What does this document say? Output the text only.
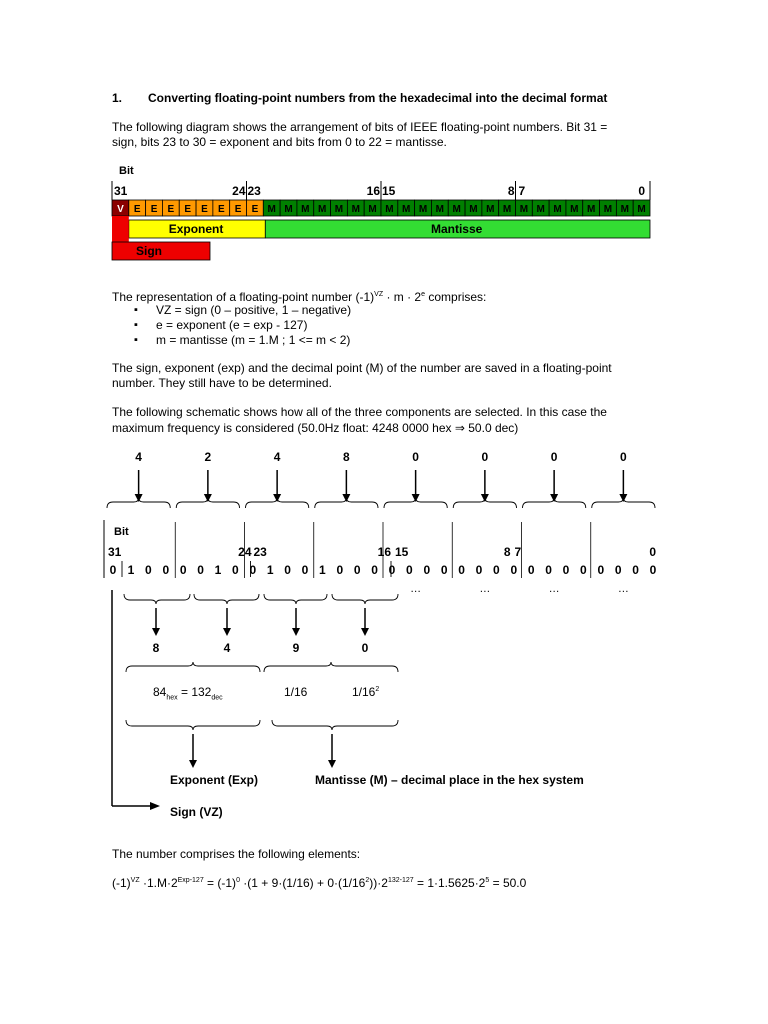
1. Converting floating-point numbers from the hexadecimal into the decimal format
The following diagram shows the arrangement of bits of IEEE floating-point numbers. Bit 31 =
sign, bits 23 to 30 = exponent and bits from 0 to 22 = mantisse.
Bit
31	24 23	16 15	8 7	0
V E E E E E E E E M M M M M M M M M M M M M M M M M M M M M M M
Exponent	Mantisse
Sign
The representation of a floating-point number $(-1)^{VZ} \cdot m \cdot 2^e$ comprises:
▪ VZ = sign (0 – positive, 1 – negative)
▪ e = exponent (e = exp - 127)
▪ m = mantisse (m = 1.M ; 1 <= m < 2)
The sign, exponent (exp) and the decimal point (M) of the number are saved in a floating-point
number. They still have to be determined.
The following schematic shows how all of the three components are selected. In this case the
maximum frequency is considered (50.0Hz float: 4248 0000 hex ⇒ 50.0 dec)
4	2	4	8	0	0	0	0
Bit
31	24 23	16 15	8 7	0
0 1 0 0 0 0 1 0 0 1 0 0 1 0 0 0 0 0 0 0 0 0 0 0 0 0 0 0 0 0 0 0
…	…	…	…
8	4	9	0
$84_{hex} = 132_{dec}$	1/16	$1/16^2$
Exponent (Exp)	Mantisse (M) – decimal place in the hex system
Sign (VZ)
The number comprises the following elements:
$(-1)^{VZ} \cdot 1.M\cdot 2^{Exp-127} = (-1)^0 \cdot(1 + 9\cdot(1/16) + 0\cdot(1/16^2))\cdot 2^{132-127} = 1\cdot 1.5625\cdot 2^5 = 50.0$
